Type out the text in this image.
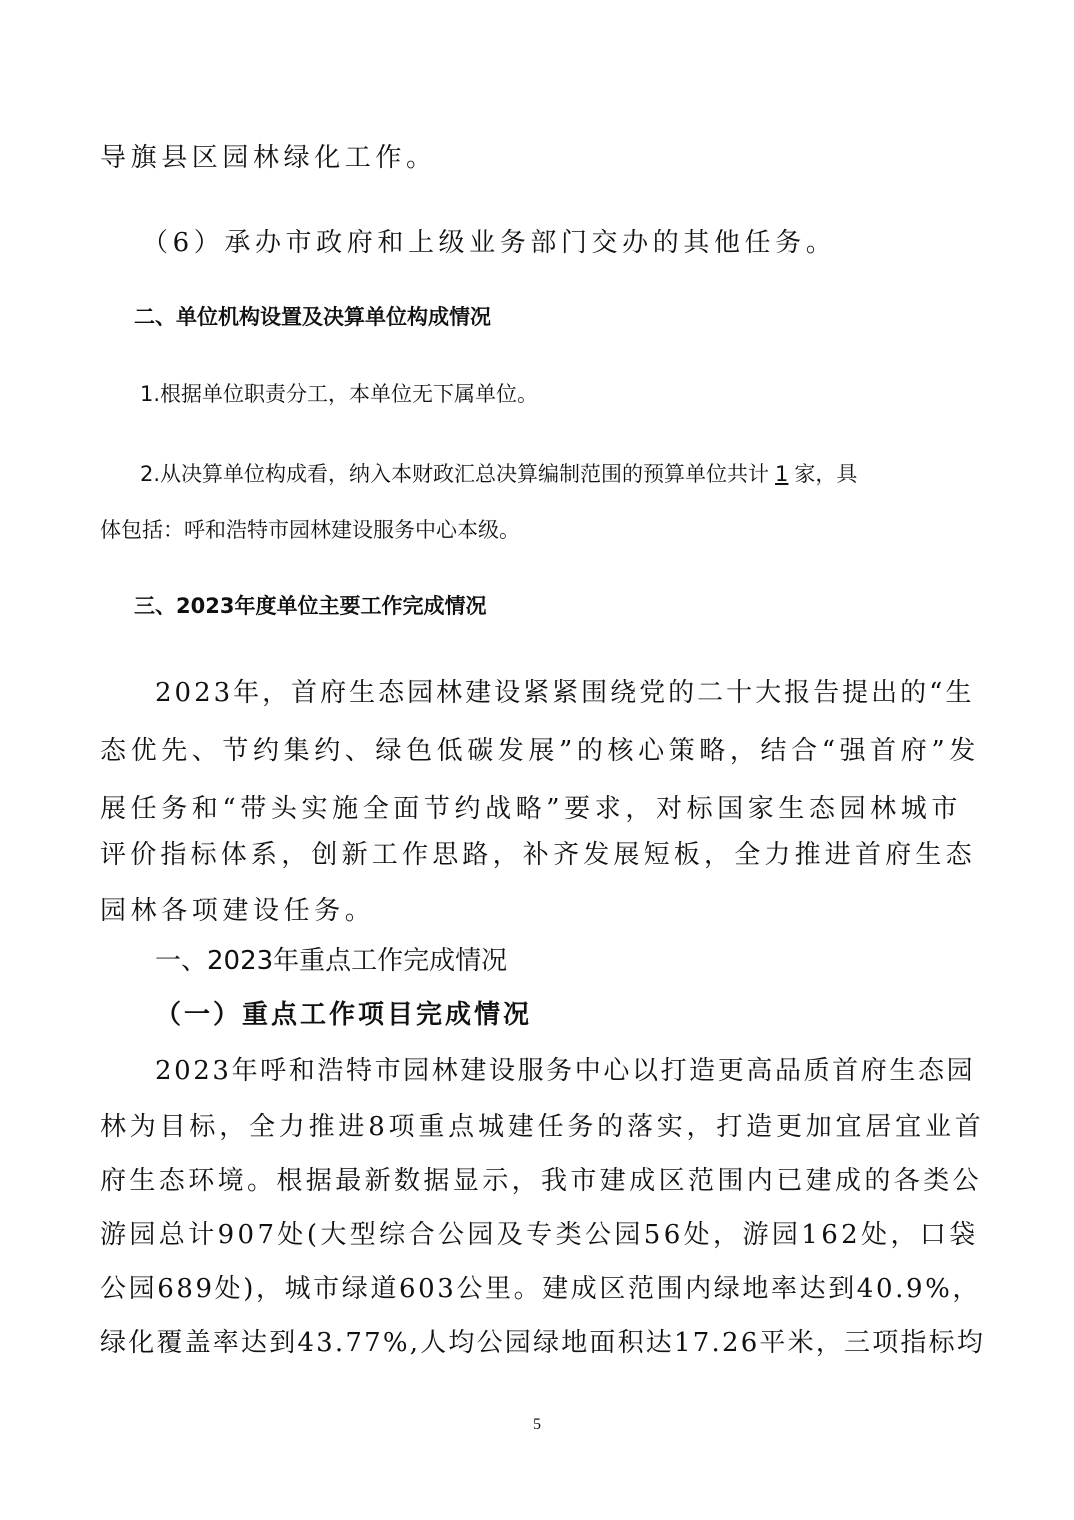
导旗县区园林绿化工作。
（6）承办市政府和上级业务部门交办的其他任务。
二、单位机构设置及决算单位构成情况
1.根据单位职责分工，本单位无下属单位。
2.从决算单位构成看，纳入本财政汇总决算编制范围的预算单位共计 1 家，具
体包括：呼和浩特市园林建设服务中心本级。
三、2023年度单位主要工作完成情况
2023年，首府生态园林建设紧紧围绕党的二十大报告提出的“生
态优先、节约集约、绿色低碳发展”的核心策略，结合“强首府”发
展任务和“带头实施全面节约战略”要求，对标国家生态园林城市
评价指标体系，创新工作思路，补齐发展短板，全力推进首府生态
园林各项建设任务。
一、2023年重点工作完成情况
（一）重点工作项目完成情况
2023年呼和浩特市园林建设服务中心以打造更高品质首府生态园
林为目标，全力推进8项重点城建任务的落实，打造更加宜居宜业首
府生态环境。根据最新数据显示，我市建成区范围内已建成的各类公
游园总计907处(大型综合公园及专类公园56处，游园162处，口袋
公园689处)，城市绿道603公里。建成区范围内绿地率达到40.9%，
绿化覆盖率达到43.77%,人均公园绿地面积达17.26平米，三项指标均
5
